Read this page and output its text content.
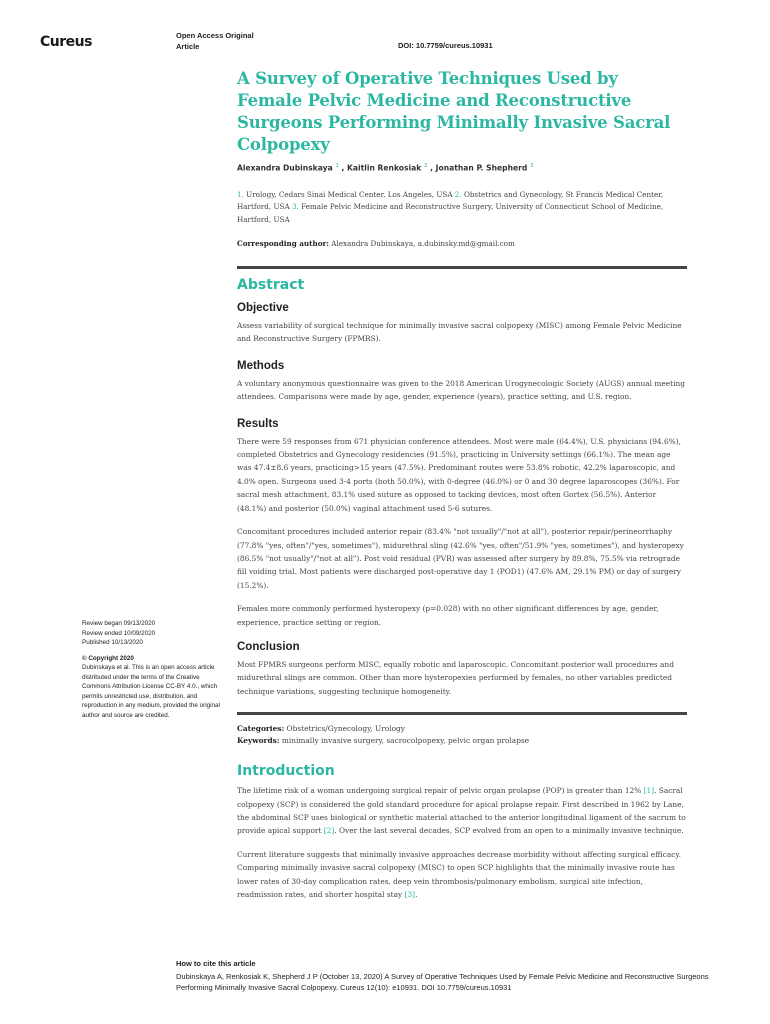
Cureus	Open Access Original
Article	DOI: 10.7759/cureus.10931
A Survey of Operative Techniques Used by Female Pelvic Medicine and Reconstructive Surgeons Performing Minimally Invasive Sacral Colpopexy
Alexandra Dubinskaya $^1$ , Kaitlin Renkosiak $^2$ , Jonathan P. Shepherd $^3$
1. Urology, Cedars Sinai Medical Center, Los Angeles, USA 2. Obstetrics and Gynecology, St Francis Medical Center, Hartford, USA 3. Female Pelvic Medicine and Reconstructive Surgery, University of Connecticut School of Medicine, Hartford, USA
Corresponding author: Alexandra Dubinskaya, a.dubinsky.md@gmail.com
Abstract
Objective

Assess variability of surgical technique for minimally invasive sacral colpopexy (MISC) among Female Pelvic Medicine and Reconstructive Surgery (FPMRS).

Methods

A voluntary anonymous questionnaire was given to the 2018 American Urogynecologic Society (AUGS) annual meeting attendees. Comparisons were made by age, gender, experience (years), practice setting, and U.S. region.

Results

There were 59 responses from 671 physician conference attendees. Most were male (64.4%), U.S. physicians (94.6%), completed Obstetrics and Gynecology residencies (91.5%), practicing in University settings (66.1%). The mean age was 47.4±8.6 years, practicing>15 years (47.5%). Predominant routes were 53.8% robotic, 42.2% laparoscopic, and 4.0% open. Surgeons used 3-4 ports (both 50.0%), with 0-degree (46.0%) or 0 and 30 degree laparoscopes (36%). For sacral mesh attachment, 83.1% used suture as opposed to tacking devices, most often Gortex (56.5%). Anterior (48.1%) and posterior (50.0%) vaginal attachment used 5-6 sutures.

Concomitant procedures included anterior repair (83.4% "not usually"/"not at all"), posterior repair/perineorrhaphy (77.8% "yes, often"/"yes, sometimes"), midurethral sling (42.6% "yes, often"/51.9% "yes, sometimes"), and hysteropexy (86.5% "not usually"/"not at all"). Post void residual (PVR) was assessed after surgery by 89.8%, 75.5% via retrograde fill voiding trial. Most patients were discharged post-operative day 1 (POD1) (47.6% AM, 29.1% PM) or day of surgery (15.2%).

Females more commonly performed hysteropexy (p=0.028) with no other significant differences by age, gender, experience, practice setting or region.

Conclusion

Most FPMRS surgeons perform MISC, equally robotic and laparoscopic. Concomitant posterior wall procedures and midurethral slings are common. Other than more hysteropexies performed by females, no other variables predicted technique variations, suggesting technique homogeneity.

Categories: Obstetrics/Gynecology, Urology
Keywords: minimally invasive surgery, sacrocolpopexy, pelvic organ prolapse
Introduction

The lifetime risk of a woman undergoing surgical repair of pelvic organ prolapse (POP) is greater than 12% [1]. Sacral colpopexy (SCP) is considered the gold standard procedure for apical prolapse repair. First described in 1962 by Lane, the abdominal SCP uses biological or synthetic material attached to the anterior longitudinal ligament of the sacrum to provide apical support [2]. Over the last several decades, SCP evolved from an open to a minimally invasive technique.

Current literature suggests that minimally invasive approaches decrease morbidity without affecting surgical efficacy. Comparing minimally invasive sacral colpopexy (MISC) to open SCP highlights that the minimally invasive route has lower rates of 30-day complication rates, deep vein thrombosis/pulmonary embolism, surgical site infection, readmission rates, and shorter hospital stay [3].

Review began 09/13/2020
Review ended 10/09/2020
Published 10/13/2020
© Copyright 2020
Dubinskaya et al. This is an open access article distributed under the terms of the Creative Commons Attribution License CC-BY 4.0., which permits unrestricted use, distribution, and reproduction in any medium, provided the original author and source are credited.
How to cite this article
Dubinskaya A, Renkosiak K, Shepherd J P (October 13, 2020) A Survey of Operative Techniques Used by Female Pelvic Medicine and Reconstructive Surgeons Performing Minimally Invasive Sacral Colpopexy. Cureus 12(10): e10931. DOI 10.7759/cureus.10931
